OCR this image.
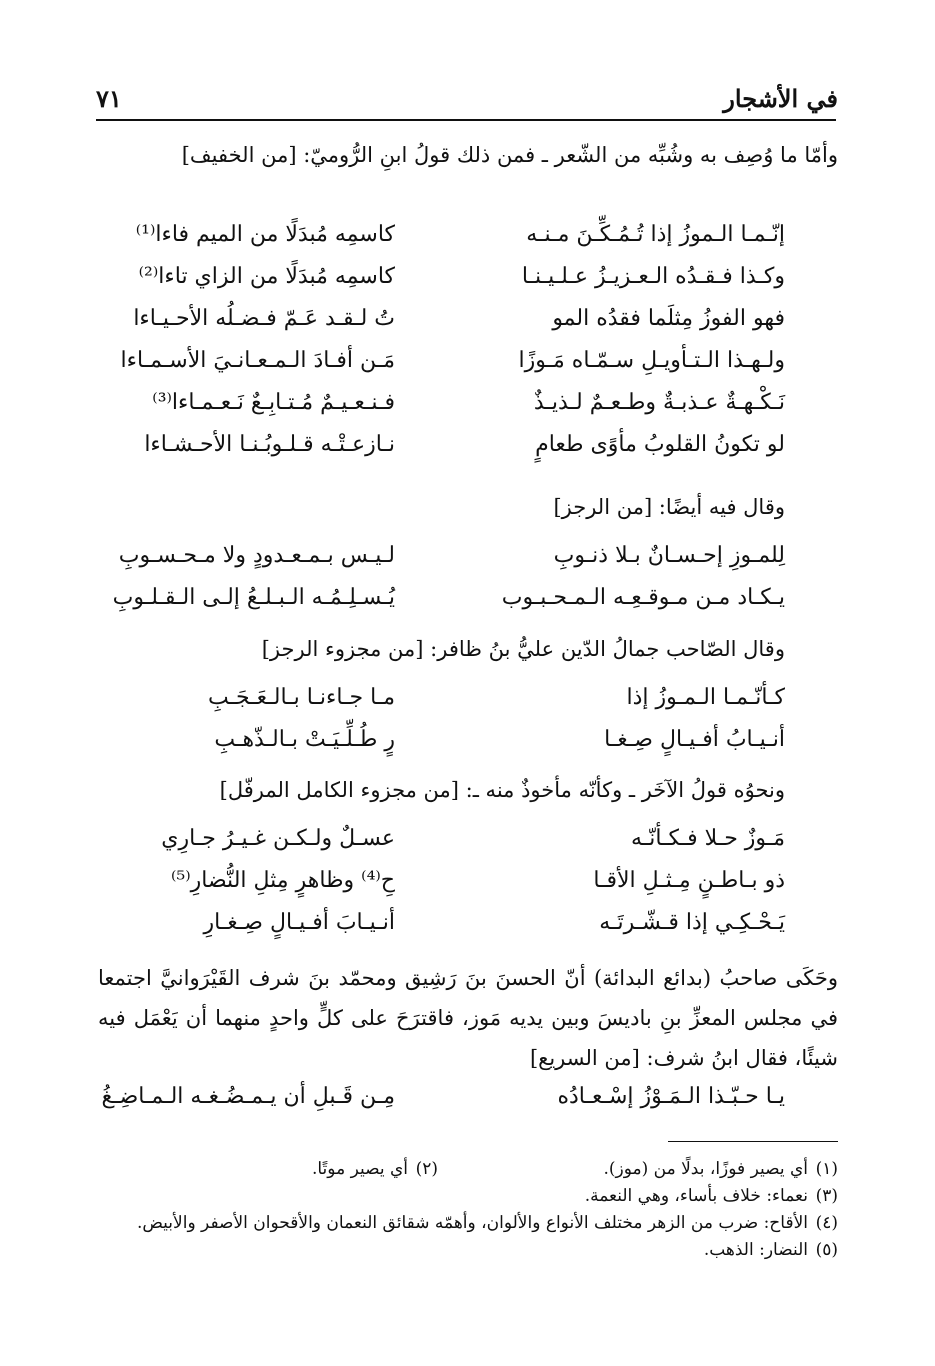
في الأشجار
٧١
وأمّا ما وُصِف به وشُبِّه من الشّعر ـ فمن ذلك قولُ ابنِ الرُّوميّ: [من الخفيف]
إنّـمـا الـموزُ إذا تُـمُـكِّـنَ مـنـه
كاسمِه مُبدَلًا من الميم فاءا⁽¹⁾
وكـذا فـقـدُه الـعـزيـزُ عـلـيـنـا
كاسمِه مُبدَلًا من الزاي تاءا⁽²⁾
فهو الفوزُ مِثلَما فقدُه المو
تُ لـقـد عَـمّ فـضـلُه الأحـيـاءا
ولـهـذا الـتـأويـلِ سـمّـاه مَـوزًا
مَـن أفـادَ الـمـعـانـيَ الأسـمـاءا
نَـكْـهـةٌ عـذبـةٌ وطـعـمٌ لـذيـذٌ
فـنـعـيـمٌ مُـتـابِـعٌ نَـعـمـاءا⁽³⁾
لو تكونُ القلوبُ مأوًى طعامٍ
نـازعـتْـه قـلـوبُـنـا الأحـشـاءا
وقال فيه أيضًا: [من الرجز]
لِلمـوزِ إحـسـانٌ بـلا ذنـوبِ
لـيـس بـمـعـدودٍ ولا مـحـسـوبِ
يـكـاد مـن مـوقـعِـه الـمـحـبـوب
يُـسـلِـمُـه الـبـلـعُ إلـى الـقـلـوبِ
وقال الصّاحب جمالُ الدّين عليُّ بنُ ظافر: [من مجزوء الرجز]
كـأنّـمـا الـمـوزُ إذا
مـا جـاءنـا بـالـعَـجَـبِ
أنـيـابُ أفـيـالٍ صِـغـا
رٍ طُـلِّـيَـتْ بـالـذّهـبِ
ونحوُه قولُ الآخَر ـ وكأنّه مأخوذٌ منه ـ: [من مجزوء الكامل المرفّل]
مَـوزٌ حـلا فـكـأنّـه
عسـلٌ ولـكـن غـيـرُ جـارِي
ذو بـاطـنٍ مِـثـلِ الأقـا
حِ⁽⁴⁾ وظاهرٍ مِثلِ النُّضارِ⁽⁵⁾
يَـحْـكِـي إذا قـشّـرتَـه
أنـيـابَ أفـيـالٍ صِـغـارِ
وحَكَى صاحبُ (بدائع البدائة) أنّ الحسنَ بنَ رَشِيق ومحمّد بنَ شرف القَيْرَوانيَّ اجتمعا في مجلس المعزِّ بنِ باديسَ وبين يديه مَوز، فاقترَحَ على كلٍّ واحدٍ منهما أن يَعْمَل فيه شيئًا، فقال ابنُ شرف: [من السريع]
يـا حـبّـذا الـمَـوْزُ إسْـعـادُه
مِـن قَـبلِ أن يـمـضُـغـه الـمـاضِـغُ
(١)أي يصير فوزًا، بدلًا من (موز).
(٢)أي يصير موتًا.
(٣)نعماء: خلاف بأساء، وهي النعمة.
(٤)الأقاح: ضرب من الزهر مختلف الأنواع والألوان، وأهمّه شقائق النعمان والأقحوان الأصفر والأبيض.
(٥)النضار: الذهب.
